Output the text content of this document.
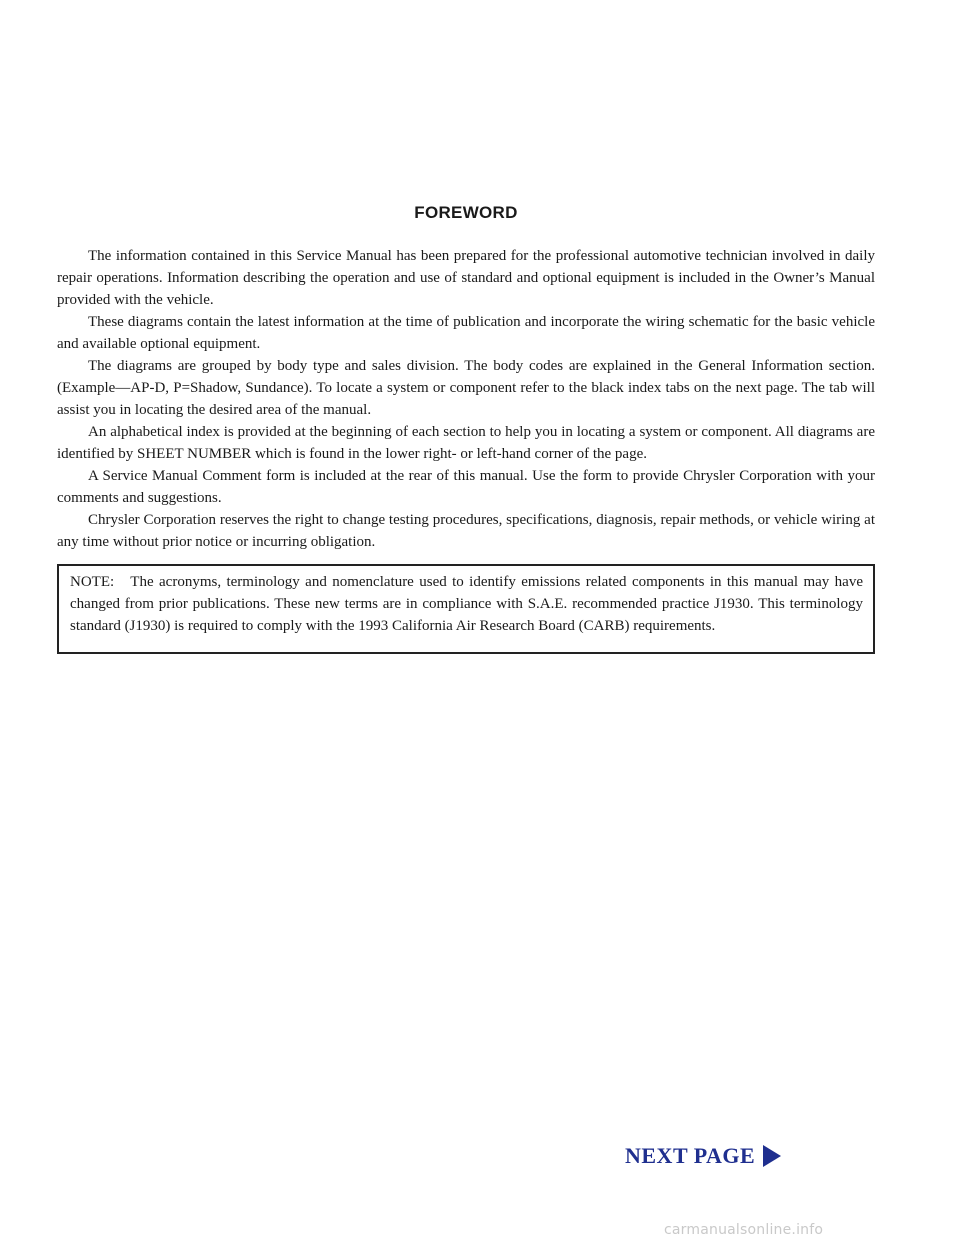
FOREWORD

The information contained in this Service Manual has been prepared for the professional automotive technician involved in daily repair operations. Information describing the operation and use of standard and optional equipment is included in the Owner’s Manual provided with the vehicle.

These diagrams contain the latest information at the time of publication and incorporate the wiring schematic for the basic vehicle and available optional equipment.

The diagrams are grouped by body type and sales division. The body codes are explained in the General Information section. (Example—AP-D, P=Shadow, Sundance). To locate a system or component refer to the black index tabs on the next page. The tab will assist you in locating the desired area of the manual.

An alphabetical index is provided at the beginning of each section to help you in locating a system or component. All diagrams are identified by SHEET NUMBER which is found in the lower right- or left-hand corner of the page.

A Service Manual Comment form is included at the rear of this manual. Use the form to provide Chrysler Corporation with your comments and suggestions.

Chrysler Corporation reserves the right to change testing procedures, specifications, diagnosis, repair methods, or vehicle wiring at any time without prior notice or incurring obligation.

NOTE:   The acronyms, terminology and nomenclature used to identify emissions related components in this manual may have changed from prior publications. These new terms are in compliance with S.A.E. recommended practice J1930. This terminology standard (J1930) is required to comply with the 1993 California Air Research Board (CARB) requirements.
NEXT PAGE
carmanualsonline.info
